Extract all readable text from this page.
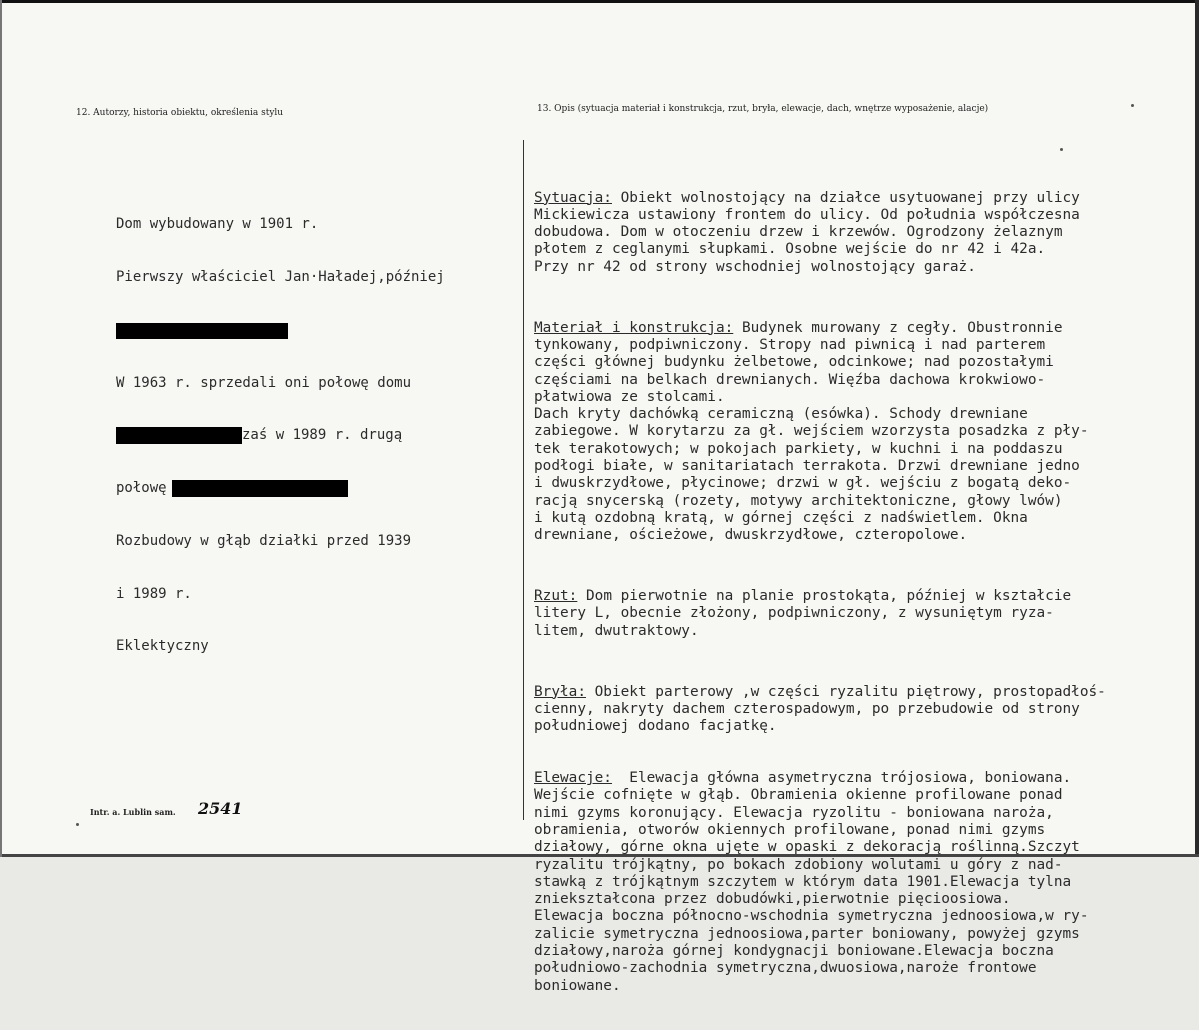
12. Autorzy, historia obiektu, określenia stylu	13. Opis (sytuacja materiał i konstrukcja, rzut, bryła, elewacje, dach, wnętrze wyposażenie, alacje)

Dom wybudowany w 1901 r.

Pierwszy właściciel Jan·Haładej,później

W 1963 r. sprzedali oni połowę domu

zaś w 1989 r. drugą

połowę

Rozbudowy w głąb działki przed 1939

i 1989 r.

Eklektyczny

Sytuacja: Obiekt wolnostojący na działce usytuowanej przy ulicy
Mickiewicza ustawiony frontem do ulicy. Od południa współczesna
dobudowa. Dom w otoczeniu drzew i krzewów. Ogrodzony żelaznym
płotem z ceglanymi słupkami. Osobne wejście do nr 42 i 42a.
Przy nr 42 od strony wschodniej wolnostojący garaż.

Materiał i konstrukcja: Budynek murowany z cegły. Obustronnie
tynkowany, podpiwniczony. Stropy nad piwnicą i nad parterem
części głównej budynku żelbetowe, odcinkowe; nad pozostałymi
częściami na belkach drewnianych. Więźba dachowa krokwiowo-
płatwiowa ze stolcami.
Dach kryty dachówką ceramiczną (esówka). Schody drewniane
zabiegowe. W korytarzu za gł. wejściem wzorzysta posadzka z pły-
tek terakotowych; w pokojach parkiety, w kuchni i na poddaszu
podłogi białe, w sanitariatach terrakota. Drzwi drewniane jedno
i dwuskrzydłowe, płycinowe; drzwi w gł. wejściu z bogatą deko-
racją snycerską (rozety, motywy architektoniczne, głowy lwów)
i kutą ozdobną kratą, w górnej części z nadświetlem. Okna
drewniane, ościeżowe, dwuskrzydłowe, czteropolowe.

Rzut: Dom pierwotnie na planie prostokąta, później w kształcie
litery L, obecnie złożony, podpiwniczony, z wysuniętym ryza-
litem, dwutraktowy.

Bryła: Obiekt parterowy ,w części ryzalitu piętrowy, prostopadłoś-
cienny, nakryty dachem czterospadowym, po przebudowie od strony
południowej dodano facjatkę.

Elewacje:  Elewacja główna asymetryczna trójosiowa, boniowana.
Wejście cofnięte w głąb. Obramienia okienne profilowane ponad
nimi gzyms koronujący. Elewacja ryzolitu - boniowana naroża,
obramienia, otworów okiennych profilowane, ponad nimi gzyms
działowy, górne okna ujęte w opaski z dekoracją roślinną.Szczyt
ryzalitu trójkątny, po bokach zdobiony wolutami u góry z nad-
stawką z trójkątnym szczytem w którym data 1901.Elewacja tylna
zniekształcona przez dobudówki,pierwotnie pięcioosiowa.
Elewacja boczna północno-wschodnia symetryczna jednoosiowa,w ry-
zalicie symetryczna jednoosiowa,parter boniowany, powyżej gzyms
działowy,naroża górnej kondygnacji boniowane.Elewacja boczna
południowo-zachodnia symetryczna,dwuosiowa,naroże frontowe
boniowane.

Intr. a. Lublin sam. 2541
